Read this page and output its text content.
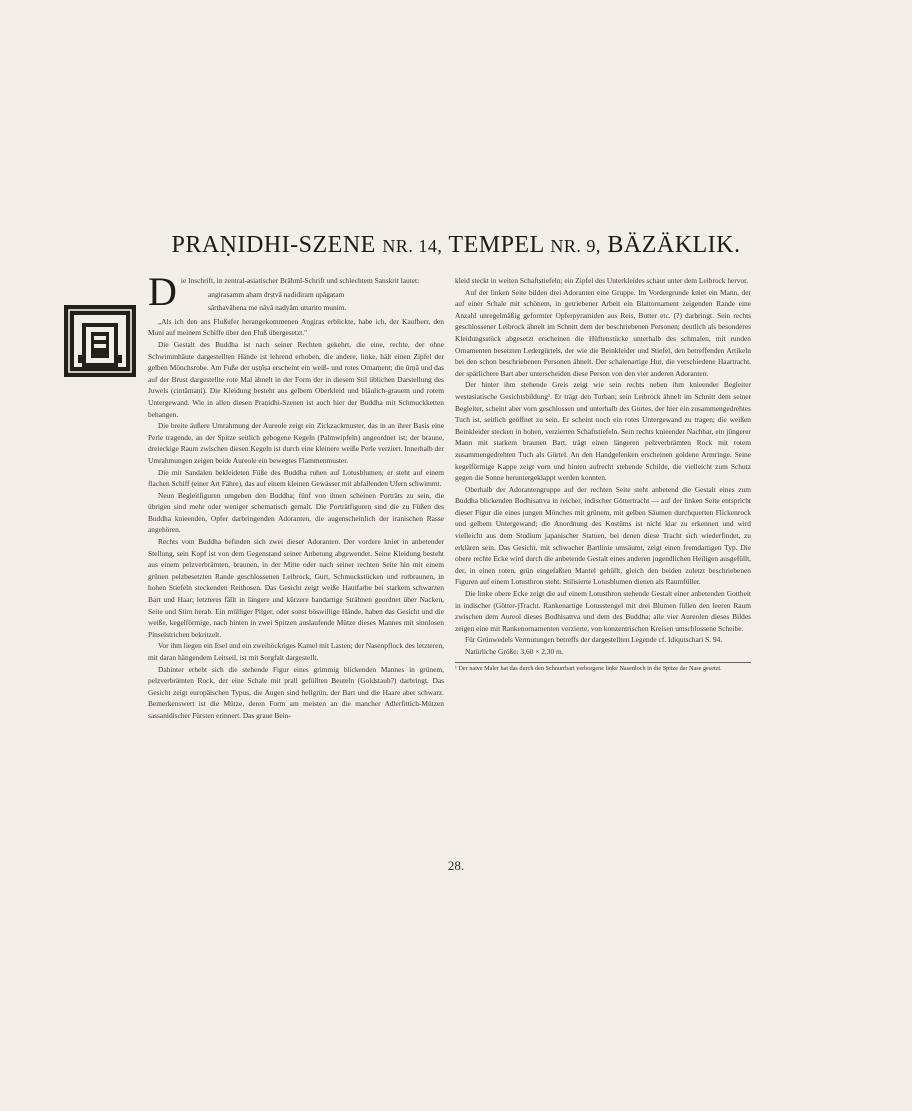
PRAṆIDHI-SZENE NR. 14, TEMPEL NR. 9, BÄZÄKLIK.

Die Inschrift, in zentral-asiatischer Brâhmî-Schrift und schlechtem Sanskrit lautet:

angirasamm aham drṣṭvâ nadidiram upâgatam

sârthavâhena me nâvâ nadyâm uttarito munim.

„Als ich den ans Flußufer herangekommenen Angiras erblickte, habe ich, der Kaufherr, den Muni auf meinem Schiffe über den Fluß übergesetzt."

Die Gestalt des Buddha ist nach seiner Rechten gekehrt, die eine, rechte, der ohne Schwimmhäute dargestellten Hände ist lehrend erhoben, die andere, linke, hält einen Zipfel der gelben Mönchsrobe. Am Fuße der uṣṇîṣa erscheint ein weiß- und rotes Ornament; die ûrṇâ und das auf der Brust dargestellte rote Mal ähnelt in der Form der in diesem Stil üblichen Darstellung des Juwels (cintâmaṇi). Die Kleidung besteht aus gelbem Oberkleid und bläulich-grauem und rotem Untergewand. Wie in allen diesen Praṇidhi-Szenen ist auch hier der Buddha mit Schmuckketten behangen.

Die breite äußere Umrahmung der Aureole zeigt ein Zickzackmuster, das in an ihrer Basis eine Perle tragende, an der Spitze seitlich gebogene Kegeln (Palmwipfeln) angeordnet ist; der braune, dreieckige Raum zwischen diesen Kegeln ist durch eine kleinere weiße Perle verziert. Innerhalb der Umrahmungen zeigen beide Aureole ein bewegtes Flammenmuster.

Die mit Sandalen bekleideten Füße des Buddha ruhen auf Lotusblumen; er steht auf einem flachen Schiff (einer Art Fähre), das auf einem kleinen Gewässer mit abfallenden Ufern schwimmt.

Neun Begleitfiguren umgeben den Buddha; fünf von ihnen scheinen Porträts zu sein, die übrigen sind mehr oder weniger schematisch gemalt. Die Porträtfiguren sind die zu Füßen des Buddha knieenden, Opfer darbringenden Adoranten, die augenscheinlich der iranischen Rasse angehören.

Rechts vom Buddha befinden sich zwei dieser Adoranten. Der vordere kniet in anbetender Stellung, sein Kopf ist von dem Gegenstand seiner Anbetung abgewendet. Seine Kleidung besteht aus einem pelzverbrämten, braunen, in der Mitte oder nach seiner rechten Seite hin mit einem grünen pelzbesetzten Rande geschlossenen Leibrock, Gurt, Schmuckstücken und rotbraunen, in hohen Stiefeln steckenden Reithosen. Das Gesicht zeigt weiße Hautfarbe bei starkem schwarzen Bart und Haar; letzteres fällt in längere und kürzere bandartige Strähnen geordnet über Nacken, Seite und Stirn herab. Ein mülliger Pilger, oder sonst böswillige Hände, haben das Gesicht und die weiße, kegelförmige, nach hinten in zwei Spitzen auslaufende Mütze dieses Mannes mit sinnlosen Pinselstrichen bekritzelt.

Vor ihm liegen ein Esel und ein zweihöckriges Kamel mit Lasten; der Nasenpflock des letzteren, mit daran hängendem Leitseil, ist mit Sorgfalt dargestellt.

Dahinter erhebt sich die stehende Figur eines grimmig blickenden Mannes in grünem, pelzverbrämten Rock, der eine Schale mit prall gefüllten Beuteln (Goldstaub?) darbringt. Das Gesicht zeigt europäischen Typus, die Augen sind hellgrün, der Bart und die Haare aber schwarz. Bemerkenswert ist die Mütze, deren Form am meisten an die mancher Adlerfittich-Mützen sassanidischer Fürsten erinnert. Das graue Bein-

kleid steckt in weiten Schaftstiefeln; ein Zipfel des Unterkleides schaut unter dem Leibrock hervor.

Auf der linken Seite bilden drei Adoranten eine Gruppe. Im Vordergrunde kniet ein Mann, der auf einer Schale mit schönem, in getriebener Arbeit ein Blattornament zeigenden Rande eine Anzahl unregelmäßig geformter Opferpyramiden aus Reis, Butter etc. (?) darbringt. Sein rechts geschlossener Leibrock ähnelt im Schnitt dem der beschriebenen Personen; deutlich als besonderes Kleidungsstück abgesetzt erscheinen die Hüftenstücke unterhalb des schmalen, mit runden Ornamenten besetzten Ledergürtels, der wie die Beinkleider und Stiefel, den betreffenden Artikeln bei den schon beschriebenen Personen ähnelt. Der schalenartige Hut, die verschiedene Haartracht, der spärlichere Bart aber unterscheiden diese Person von den vier anderen Adoranten.

Der hinter ihm stehende Greis zeigt wie sein rechts neben ihm knieender Begleiter westasiatische Gesichtsbildung¹. Er trägt den Turban; sein Leibrock ähnelt im Schnitt dem seiner Begleiter, scheint aber vorn geschlossen und unterhalb des Gurtes, der hier ein zusammengedrehtes Tuch ist, seitlich geöffnet zu sein. Er scheint noch ein rotes Untergewand zu tragen; die weißen Beinkleider stecken in hohen, verzierten Schaftstiefeln. Sein rechts knieender Nachbar, ein jüngerer Mann mit starkem braunen Bart, trägt einen längeren pelzverbrämten Rock mit rotem zusammengedrehten Tuch als Gürtel. An den Handgelenken erscheinen goldene Armringe. Seine kegelförmige Kappe zeigt vorn und hinten aufrecht stehende Schilde, die vielleicht zum Schutz gegen die Sonne heruntergeklappt werden konnten.

Oberhalb der Adorantengruppe auf der rechten Seite steht anbetend die Gestalt eines zum Buddha blickenden Bodhisattva in reicher, indischer Göttertracht — auf der linken Seite entspricht dieser Figur die eines jungen Mönches mit grünem, mit gelben Säumen durchquerten Flickenrock und gelbem Untergewand; die Anordnung des Kostüms ist nicht klar zu erkennen und wird vielleicht aus dem Studium japanischer Statuen, bei denen diese Tracht sich wiederfindet, zu erklären sein. Das Gesicht, mit schwacher Bartlinie umsäumt, zeigt einen fremdartigen Typ. Die obere rechte Ecke wird durch die anbetende Gestalt eines anderen jugendlichen Heiligen ausgefüllt, der, in einen roten, grün eingefaßten Mantel gehüllt, gleich den beiden zuletzt beschriebenen Figuren auf einem Lotusthron steht. Stilisierte Lotusblumen dienen als Raumfüller.

Die linke obere Ecke zeigt die auf einem Lotusthron stehende Gestalt einer anbetenden Gottheit in indischer (Götter-)Tracht. Rankenartige Lotusstengel mit drei Blumen füllen den leeren Raum zwischen dem Aureol dieses Bodhisattva und dem des Buddha; alle vier Aureolen dieses Bildes zeigen eine mit Rankenornamenten verzierte, von konzentrischen Kreisen umschlossene Scheibe.

Für Grünwedels Vermutungen betreffs der dargestellten Legende cf. Idiqutschari S. 94.

Natürliche Größe: 3,60 × 2,30 m.

¹ Der naive Maler hat das durch den Schnurrbart verborgene linke Nasenloch in die Spitze der Nase gesetzt.
28.
